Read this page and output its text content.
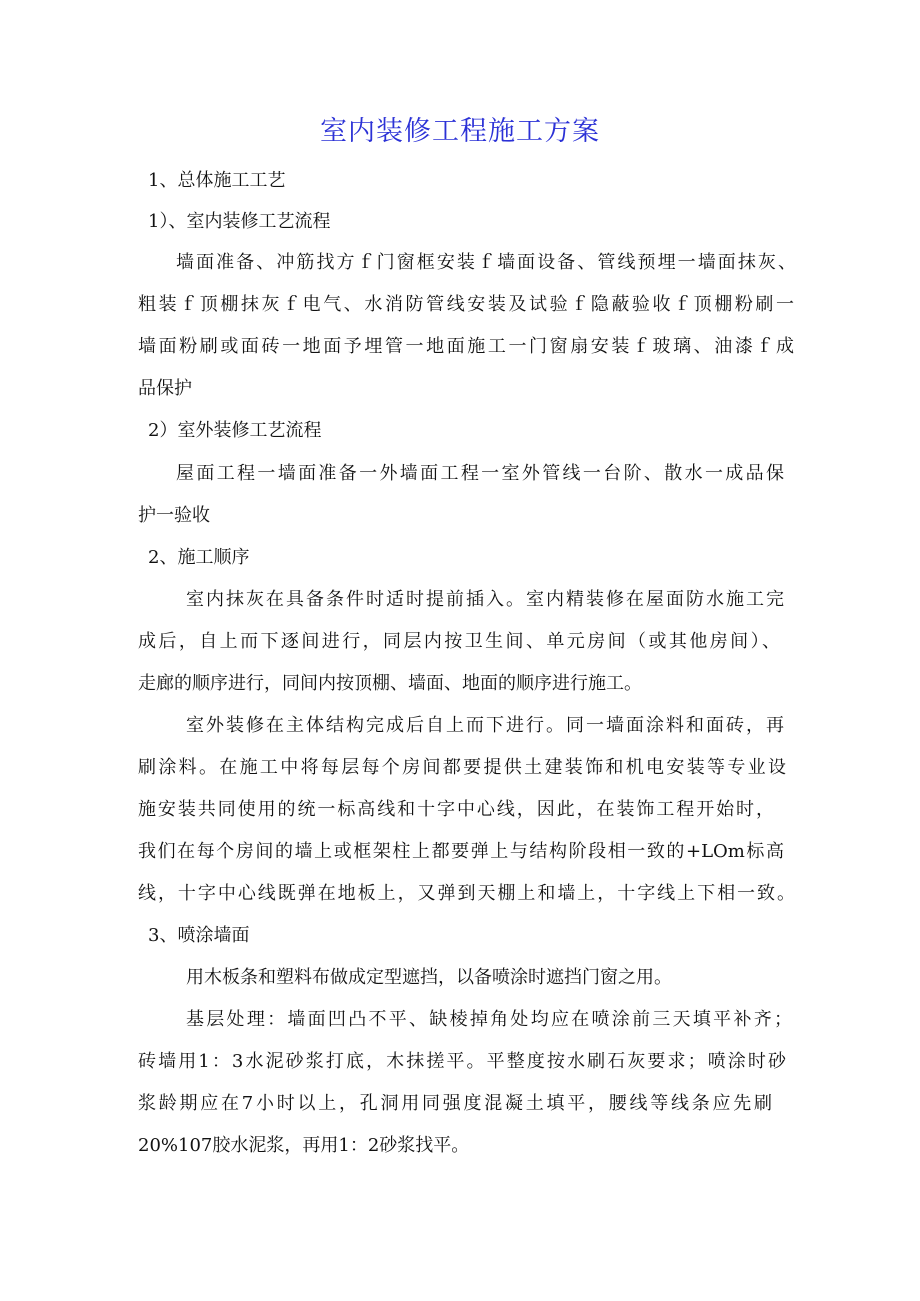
室内装修工程施工方案
1、总体施工工艺
1）、室内装修工艺流程
墙面准备、冲筋找方ｆ门窗框安装ｆ墙面设备、管线预埋一墙面抹灰、
粗装ｆ顶棚抹灰ｆ电气、水消防管线安装及试验ｆ隐蔽验收ｆ顶棚粉刷一
墙面粉刷或面砖一地面予埋管一地面施工一门窗扇安装ｆ玻璃、油漆ｆ成
品保护
2）室外装修工艺流程
屋面工程一墙面准备一外墙面工程一室外管线一台阶、散水一成品保
护一验收
2、施工顺序
室内抹灰在具备条件时适时提前插入。室内精装修在屋面防水施工完
成后，自上而下逐间进行，同层内按卫生间、单元房间（或其他房间）、
走廊的顺序进行，同间内按顶棚、墙面、地面的顺序进行施工。
室外装修在主体结构完成后自上而下进行。同一墙面涂料和面砖，再
刷涂料。在施工中将每层每个房间都要提供土建装饰和机电安装等专业设
施安装共同使用的统一标高线和十字中心线，因此，在装饰工程开始时，
我们在每个房间的墙上或框架柱上都要弹上与结构阶段相一致的+LOm标高
线，十字中心线既弹在地板上，又弹到天棚上和墙上，十字线上下相一致。
3、喷涂墙面
用木板条和塑料布做成定型遮挡，以备喷涂时遮挡门窗之用。
基层处理：墙面凹凸不平、缺棱掉角处均应在喷涂前三天填平补齐；
砖墙用1：3水泥砂浆打底，木抹搓平。平整度按水刷石灰要求；喷涂时砂
浆龄期应在7小时以上，孔洞用同强度混凝土填平，腰线等线条应先刷
20%107胶水泥浆，再用1：2砂浆找平。
